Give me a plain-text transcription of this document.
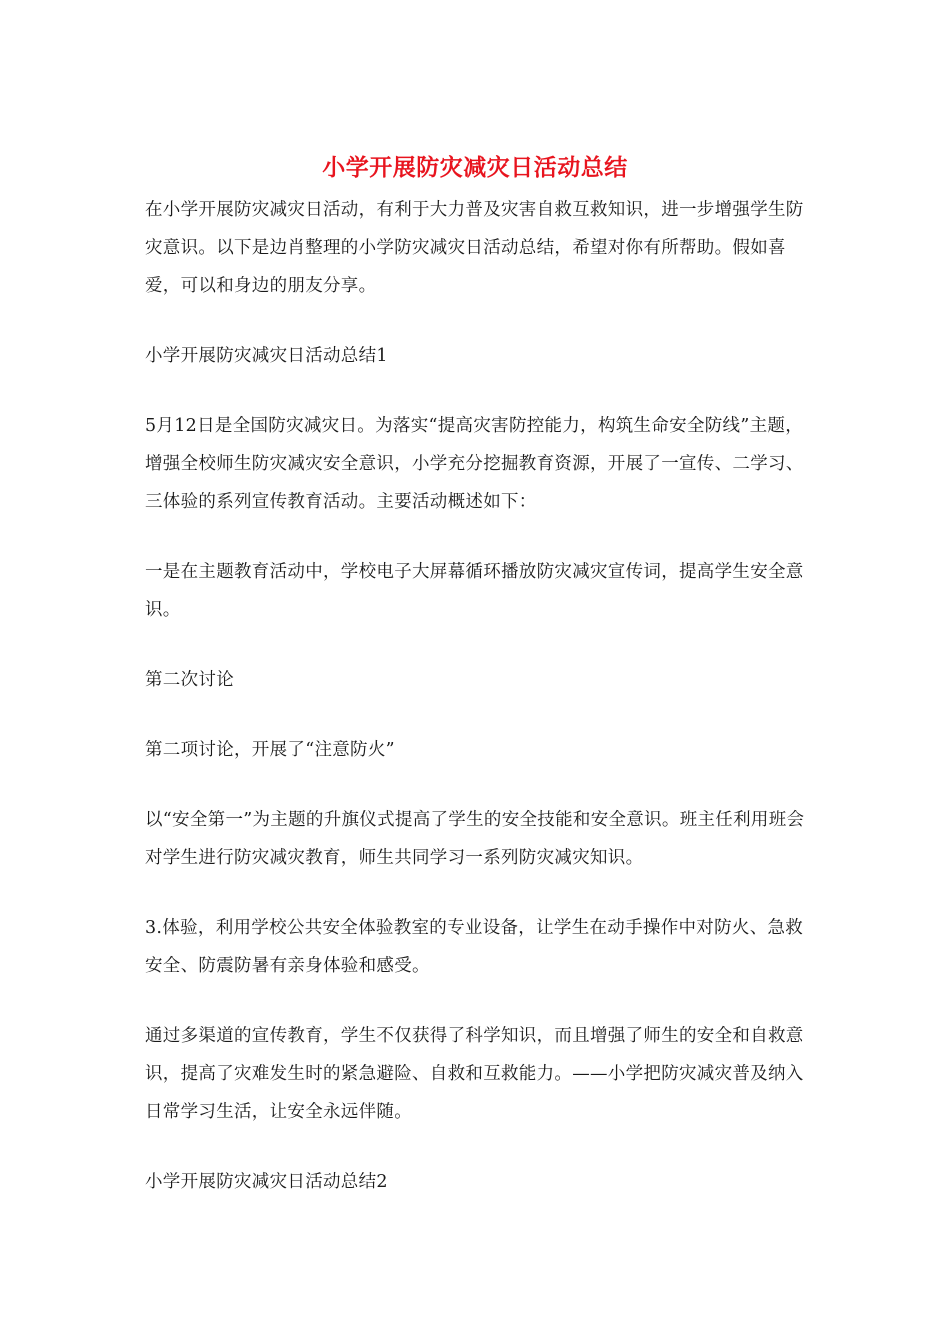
小学开展防灾减灾日活动总结

在小学开展防灾减灾日活动，有利于大力普及灾害自救互救知识，进一步增强学生防灾意识。以下是边肖整理的小学防灾减灾日活动总结，希望对你有所帮助。假如喜爱，可以和身边的朋友分享。

小学开展防灾减灾日活动总结1

5月12日是全国防灾减灾日。为落实“提高灾害防控能力，构筑生命安全防线”主题，增强全校师生防灾减灾安全意识，小学充分挖掘教育资源，开展了一宣传、二学习、三体验的系列宣传教育活动。主要活动概述如下：

一是在主题教育活动中，学校电子大屏幕循环播放防灾减灾宣传词，提高学生安全意识。

第二次讨论

第二项讨论，开展了“注意防火”

以“安全第一”为主题的升旗仪式提高了学生的安全技能和安全意识。班主任利用班会对学生进行防灾减灾教育，师生共同学习一系列防灾减灾知识。

3.体验，利用学校公共安全体验教室的专业设备，让学生在动手操作中对防火、急救安全、防震防暑有亲身体验和感受。

通过多渠道的宣传教育，学生不仅获得了科学知识，而且增强了师生的安全和自救意识，提高了灾难发生时的紧急避险、自救和互救能力。——小学把防灾减灾普及纳入日常学习生活，让安全永远伴随。

小学开展防灾减灾日活动总结2
